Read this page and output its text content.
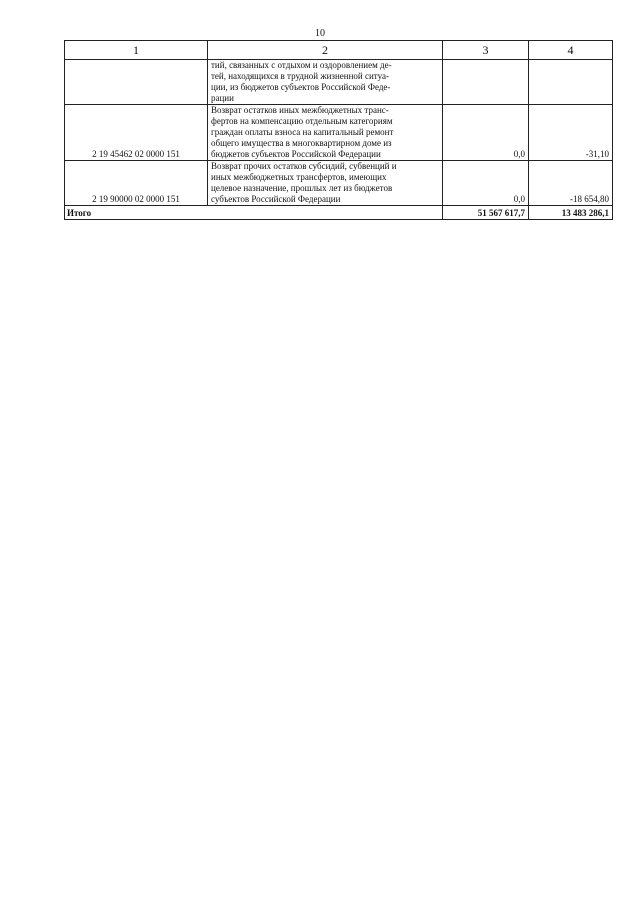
10
1	2	3	4

	тий, связанных с отдыхом и оздоровлением де-
тей, находящихся в трудной жизненной ситуа-
ции, из бюджетов субъектов Российской Феде-
рации		

2 19 45462 02 0000 151	Возврат остатков иных межбюджетных транс-
фертов на компенсацию отдельным категориям
граждан оплаты взноса на капитальный ремонт
общего имущества в многоквартирном доме из
бюджетов субъектов Российской Федерации	0,0	-31,10
2 19 90000 02 0000 151	Возврат прочих остатков субсидий, субвенций и
иных межбюджетных трансфертов, имеющих
целевое назначение, прошлых лет из бюджетов
субъектов Российской Федерации	0,0	-18 654,80
Итого		51 567 617,7	13 483 286,1
